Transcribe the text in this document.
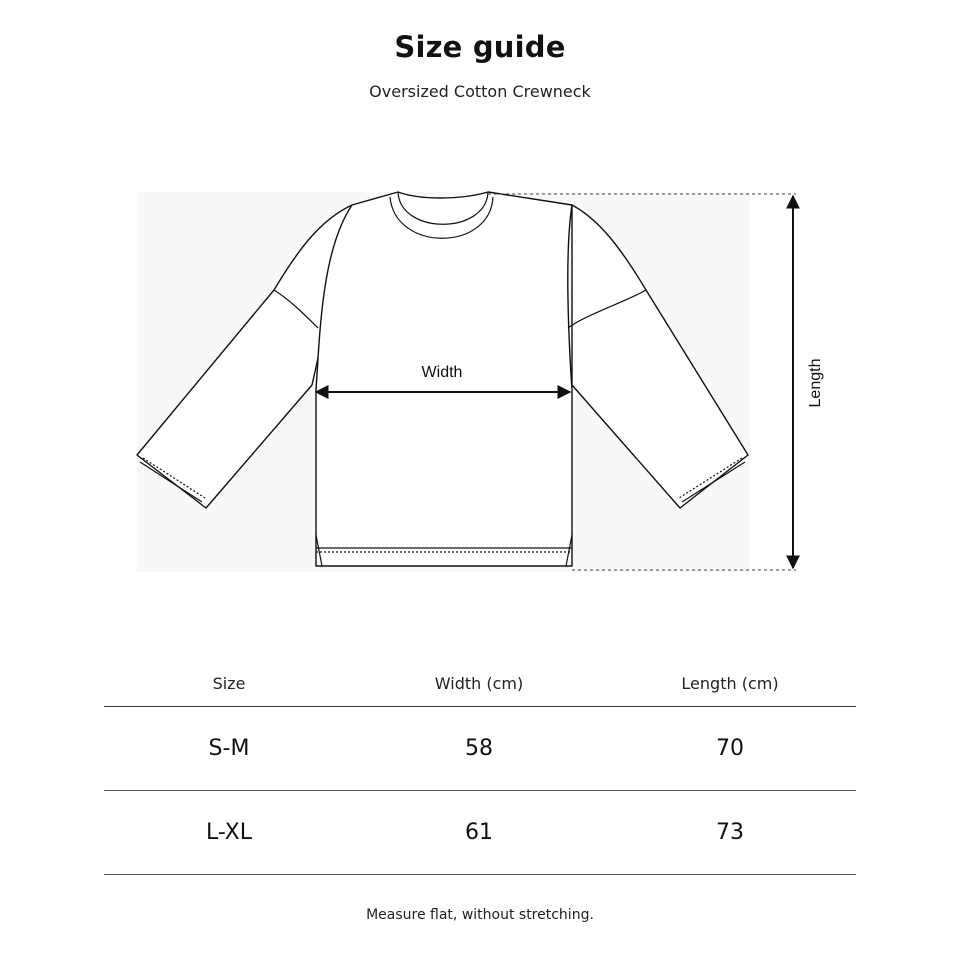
Size guide
Oversized Cotton Crewneck
Width	Length
Size	Width (cm)	Length (cm)
S-M	58	70
L-XL	61	73
Measure flat, without stretching.
